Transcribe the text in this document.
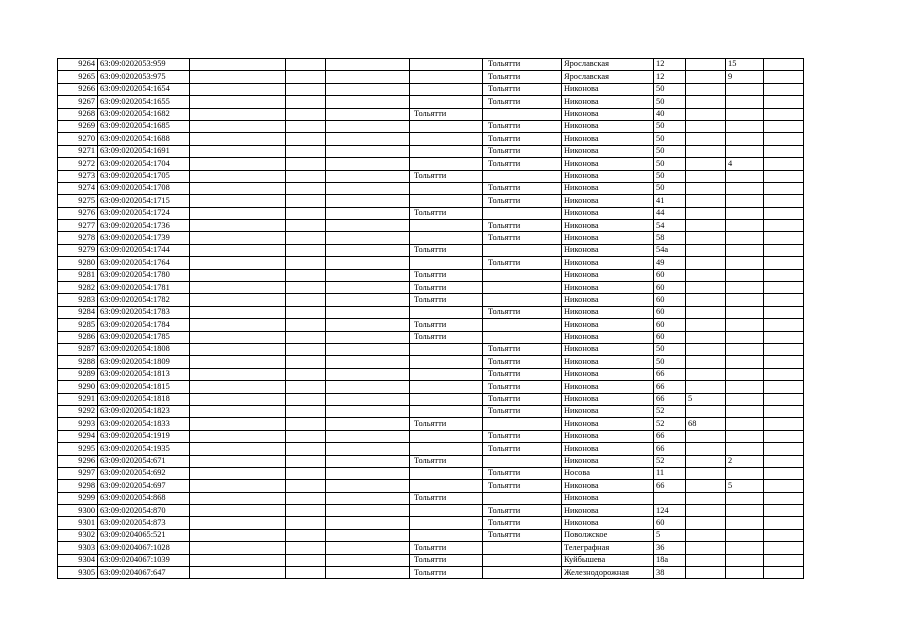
9264	63:09:0202053:959					Тольятти	Ярославская	12		15	
9265	63:09:0202053:975					Тольятти	Ярославская	12		9	
9266	63:09:0202054:1654					Тольятти	Никонова	50			
9267	63:09:0202054:1655					Тольятти	Никонова	50			
9268	63:09:0202054:1682				Тольятти		Никонова	40			
9269	63:09:0202054:1685					Тольятти	Никонова	50			
9270	63:09:0202054:1688					Тольятти	Никонова	50			
9271	63:09:0202054:1691					Тольятти	Никонова	50			
9272	63:09:0202054:1704					Тольятти	Никонова	50		4	
9273	63:09:0202054:1705				Тольятти		Никонова	50			
9274	63:09:0202054:1708					Тольятти	Никонова	50			
9275	63:09:0202054:1715					Тольятти	Никонова	41			
9276	63:09:0202054:1724				Тольятти		Никонова	44			
9277	63:09:0202054:1736					Тольятти	Никонова	54			
9278	63:09:0202054:1739					Тольятти	Никонова	58			
9279	63:09:0202054:1744				Тольятти		Никонова	54а			
9280	63:09:0202054:1764					Тольятти	Никонова	49			
9281	63:09:0202054:1780				Тольятти		Никонова	60			
9282	63:09:0202054:1781				Тольятти		Никонова	60			
9283	63:09:0202054:1782				Тольятти		Никонова	60			
9284	63:09:0202054:1783					Тольятти	Никонова	60			
9285	63:09:0202054:1784				Тольятти		Никонова	60			
9286	63:09:0202054:1785				Тольятти		Никонова	60			
9287	63:09:0202054:1808					Тольятти	Никонова	50			
9288	63:09:0202054:1809					Тольятти	Никонова	50			
9289	63:09:0202054:1813					Тольятти	Никонова	66			
9290	63:09:0202054:1815					Тольятти	Никонова	66			
9291	63:09:0202054:1818					Тольятти	Никонова	66	5		
9292	63:09:0202054:1823					Тольятти	Никонова	52			
9293	63:09:0202054:1833				Тольятти		Никонова	52	68		
9294	63:09:0202054:1919					Тольятти	Никонова	66			
9295	63:09:0202054:1935					Тольятти	Никонова	66			
9296	63:09:0202054:671				Тольятти		Никонова	52		2	
9297	63:09:0202054:692					Тольятти	Носова	11			
9298	63:09:0202054:697					Тольятти	Никонова	66		5	
9299	63:09:0202054:868				Тольятти		Никонова				
9300	63:09:0202054:870					Тольятти	Никонова	124			
9301	63:09:0202054:873					Тольятти	Никонова	60			
9302	63:09:0204065:521					Тольятти	Поволжское	5			
9303	63:09:0204067:1028				Тольятти		Телеграфная	36			
9304	63:09:0204067:1039				Тольятти		Куйбышева	18а			
9305	63:09:0204067:647				Тольятти		Железнодорожная	38			
